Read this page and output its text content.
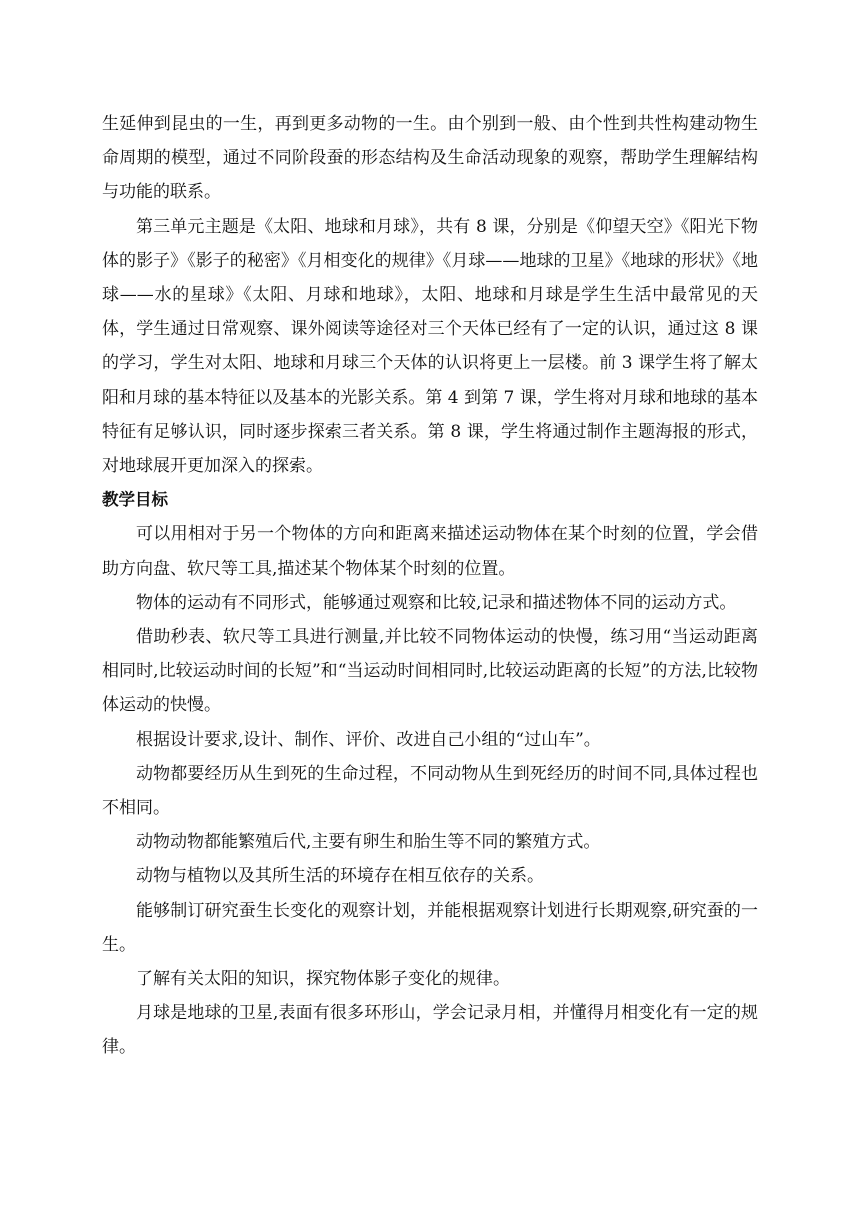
生延伸到昆虫的一生，再到更多动物的一生。由个别到一般、由个性到共性构建动物生命周期的模型，通过不同阶段蚕的形态结构及生命活动现象的观察，帮助学生理解结构与功能的联系。

第三单元主题是《太阳、地球和月球》，共有 8 课，分别是《仰望天空》《阳光下物体的影子》《影子的秘密》《月相变化的规律》《月球——地球的卫星》《地球的形状》《地球——水的星球》《太阳、月球和地球》，太阳、地球和月球是学生生活中最常见的天体，学生通过日常观察、课外阅读等途径对三个天体已经有了一定的认识，通过这 8 课的学习，学生对太阳、地球和月球三个天体的认识将更上一层楼。前 3 课学生将了解太阳和月球的基本特征以及基本的光影关系。第 4 到第 7 课，学生将对月球和地球的基本特征有足够认识，同时逐步探索三者关系。第 8 课，学生将通过制作主题海报的形式，对地球展开更加深入的探索。

教学目标

可以用相对于另一个物体的方向和距离来描述运动物体在某个时刻的位置，学会借助方向盘、软尺等工具,描述某个物体某个时刻的位置。

物体的运动有不同形式，能够通过观察和比较,记录和描述物体不同的运动方式。

借助秒表、软尺等工具进行测量,并比较不同物体运动的快慢，练习用“当运动距离相同时,比较运动时间的长短”和“当运动时间相同时,比较运动距离的长短”的方法,比较物体运动的快慢。

根据设计要求,设计、制作、评价、改进自己小组的“过山车”。

动物都要经历从生到死的生命过程，不同动物从生到死经历的时间不同,具体过程也不相同。

动物动物都能繁殖后代,主要有卵生和胎生等不同的繁殖方式。

动物与植物以及其所生活的环境存在相互依存的关系。

能够制订研究蚕生长变化的观察计划，并能根据观察计划进行长期观察,研究蚕的一生。

了解有关太阳的知识，探究物体影子变化的规律。

月球是地球的卫星,表面有很多环形山，学会记录月相，并懂得月相变化有一定的规律。
